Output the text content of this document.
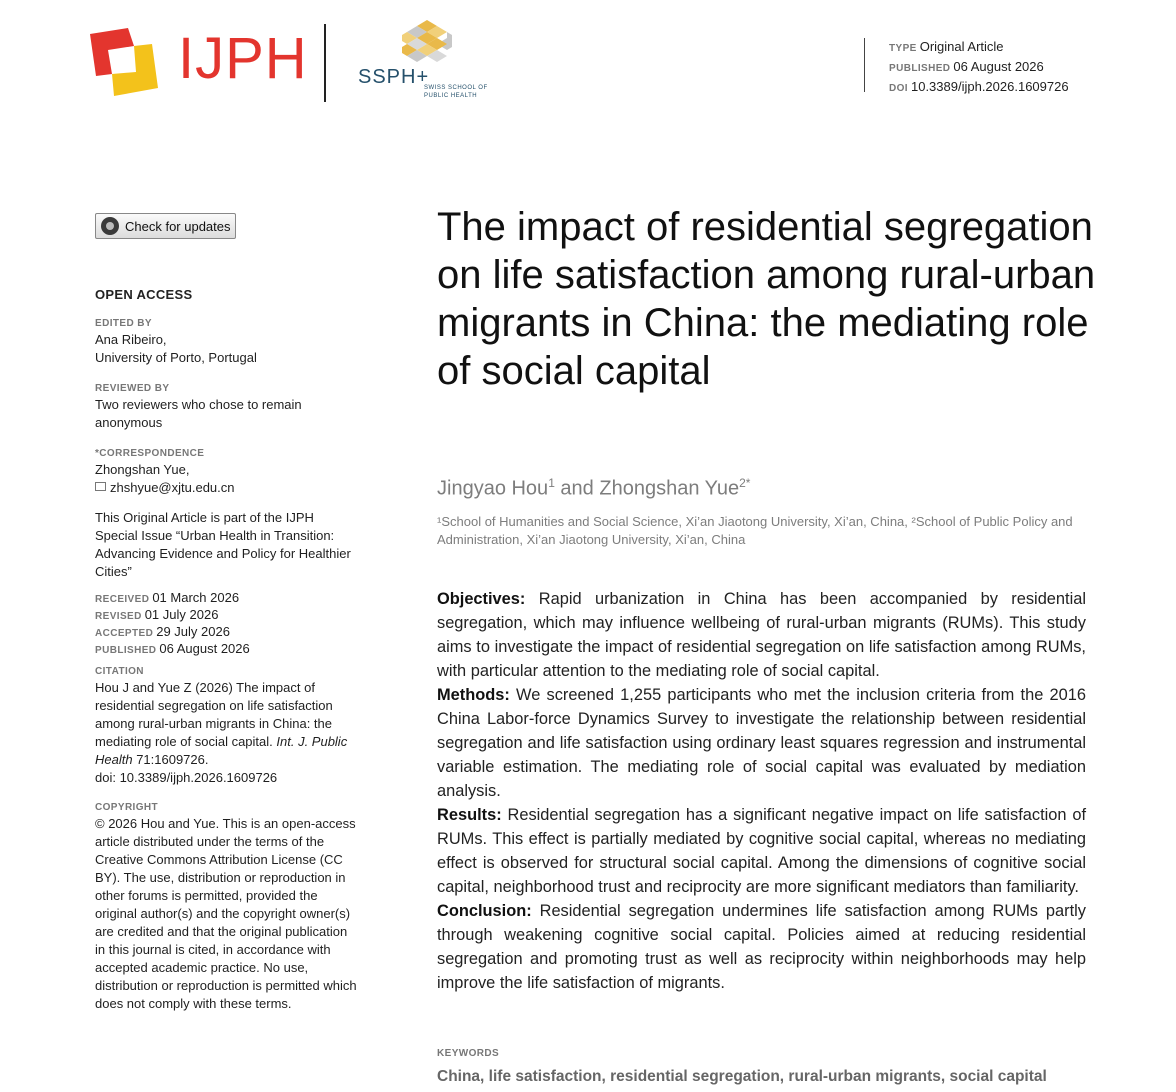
IJPH	SSPH+
SWISS SCHOOL OF PUBLIC HEALTH
TYPE Original Article
PUBLISHED 06 August 2026
DOI 10.3389/ijph.2026.1609726
Check for updates
OPEN ACCESS
EDITED BY
Ana Ribeiro,
University of Porto, Portugal
REVIEWED BY
Two reviewers who chose to remain anonymous
*CORRESPONDENCE
Zhongshan Yue,
zhshyue@xjtu.edu.cn
This Original Article is part of the IJPH Special Issue “Urban Health in Transition: Advancing Evidence and Policy for Healthier Cities”
RECEIVED 01 March 2026
REVISED 01 July 2026
ACCEPTED 29 July 2026
PUBLISHED 06 August 2026
CITATION
Hou J and Yue Z (2026) The impact of residential segregation on life satisfaction among rural-urban migrants in China: the mediating role of social capital. Int. J. Public Health 71:1609726.
doi: 10.3389/ijph.2026.1609726
COPYRIGHT
© 2026 Hou and Yue. This is an open-access article distributed under the terms of the Creative Commons Attribution License (CC BY). The use, distribution or reproduction in other forums is permitted, provided the original author(s) and the copyright owner(s) are credited and that the original publication in this journal is cited, in accordance with accepted academic practice. No use, distribution or reproduction is permitted which does not comply with these terms.
The impact of residential segregation on life satisfaction among rural-urban migrants in China: the mediating role of social capital
Jingyao Hou$^1$ and Zhongshan Yue$^{2*}$
¹School of Humanities and Social Science, Xi’an Jiaotong University, Xi’an, China, ²School of Public Policy and Administration, Xi’an Jiaotong University, Xi’an, China

Objectives: Rapid urbanization in China has been accompanied by residential segregation, which may influence wellbeing of rural-urban migrants (RUMs). This study aims to investigate the impact of residential segregation on life satisfaction among RUMs, with particular attention to the mediating role of social capital.

Methods: We screened 1,255 participants who met the inclusion criteria from the 2016 China Labor-force Dynamics Survey to investigate the relationship between residential segregation and life satisfaction using ordinary least squares regression and instrumental variable estimation. The mediating role of social capital was evaluated by mediation analysis.

Results: Residential segregation has a significant negative impact on life satisfaction of RUMs. This effect is partially mediated by cognitive social capital, whereas no mediating effect is observed for structural social capital. Among the dimensions of cognitive social capital, neighborhood trust and reciprocity are more significant mediators than familiarity.

Conclusion: Residential segregation undermines life satisfaction among RUMs partly through weakening cognitive social capital. Policies aimed at reducing residential segregation and promoting trust as well as reciprocity within neighborhoods may help improve the life satisfaction of migrants.

KEYWORDS
China, life satisfaction, residential segregation, rural-urban migrants, social capital
